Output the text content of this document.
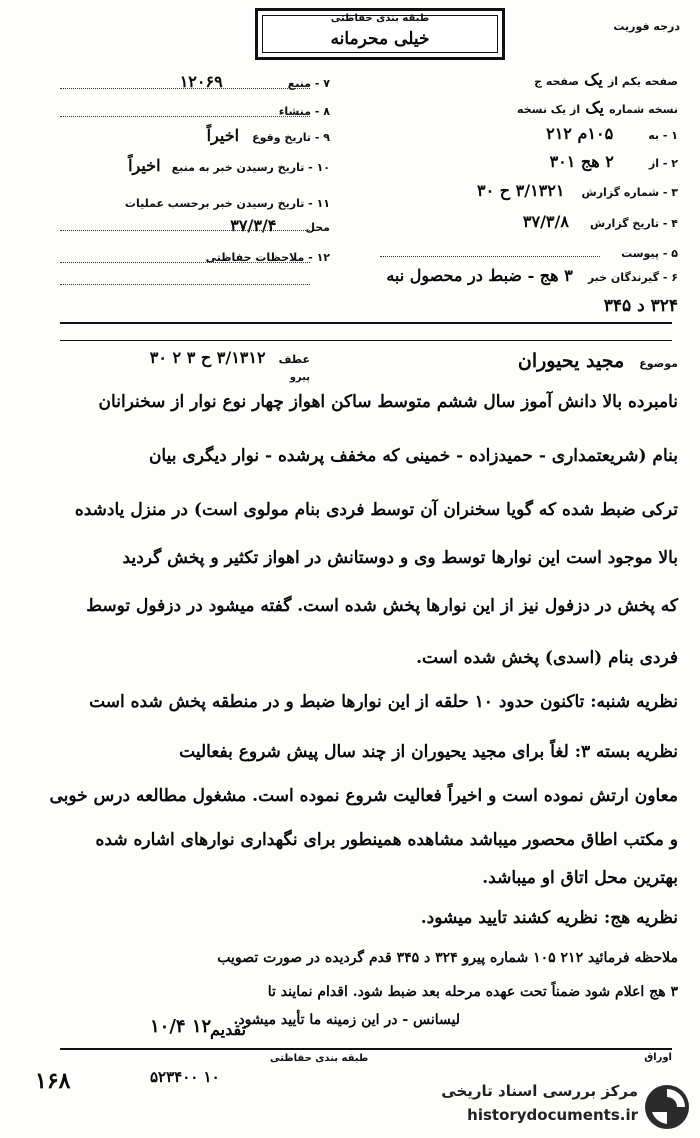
طبقه بندی حفاظتی
خیلی محرمانه
درجه فوریت
صفحه یکم از یک صفحه ج
نسخه شماره یک از یک نسخه
۱ - به ۱۰۵م ۲۱۲
۲ - از ۲ هج ۳۰۱
۳ - شماره گزارش ۳/۱۳۲۱ ح ۳۰
۴ - تاریخ گزارش ۳۷/۳/۸
۵ - پیوست
۶ - گیرندگان خبر ۳ هج - ضبط در محصول نبه
۳۲۴ د ۳۴۵
۷ - منبع ۱۲۰۶۹
۸ - منشاء
۹ - تاریخ وقوع اخیراً
۱۰ - تاریخ رسیدن خبر به منبع اخیراً
۱۱ - تاریخ رسیدن خبر برحسب عملیات
محل ۳۷/۳/۴
۱۲ - ملاحظات حفاظتی
موضوع مجید یحیوران
عطف ۳/۱۳۱۲ ح ۳ ۲ ۳۰
پیرو
نامبرده بالا دانش آموز سال ششم متوسط ساکن اهواز چهار نوع نوار از سخنرانان
بنام (شریعتمداری - حمیدزاده - خمینی که مخفف پرشده - نوار دیگری بیان
ترکی ضبط شده که گویا سخنران آن توسط فردی بنام مولوی است) در منزل یادشده
بالا موجود است این نوارها توسط وی و دوستانش در اهواز تکثیر و پخش گردید
که پخش در دزفول نیز از این نوارها پخش شده است. گفته میشود در دزفول توسط
فردی بنام (اسدی) پخش شده است.
نظریه شنبه: تاکنون حدود ۱۰ حلقه از این نوارها ضبط و در منطقه پخش شده است
نظریه بسته ۳: لغاً برای مجید یحیوران از چند سال پیش شروع بفعالیت
معاون ارتش نموده است و اخیراً فعالیت شروع نموده است. مشغول مطالعه درس خوبی
و مکتب اطاق محصور میباشد مشاهده همینطور برای نگهداری نوارهای اشاره شده
بهترین محل اتاق او میباشد.
نظریه هج: نظریه کشند تایید میشود.
ملاحظه فرمائید ۲۱۲ ۱۰۵ شماره پیرو ۳۲۴ د ۳۴۵ قدم گردیده در صورت تصویب
۳ هج اعلام شود ضمناً تحت عهده مرحله بعد ضبط شود. اقدام نمایند تا
لیسانس - در این زمینه ما تأیید میشود.
تقدیم
۱۰/۴ ۱۲
طبقه بندی حفاظتی
۵۲۳۴۰۰ ۱۰
۱۶۸
اوراق
مرکز بررسی اسناد تاریخی
historydocuments.ir
